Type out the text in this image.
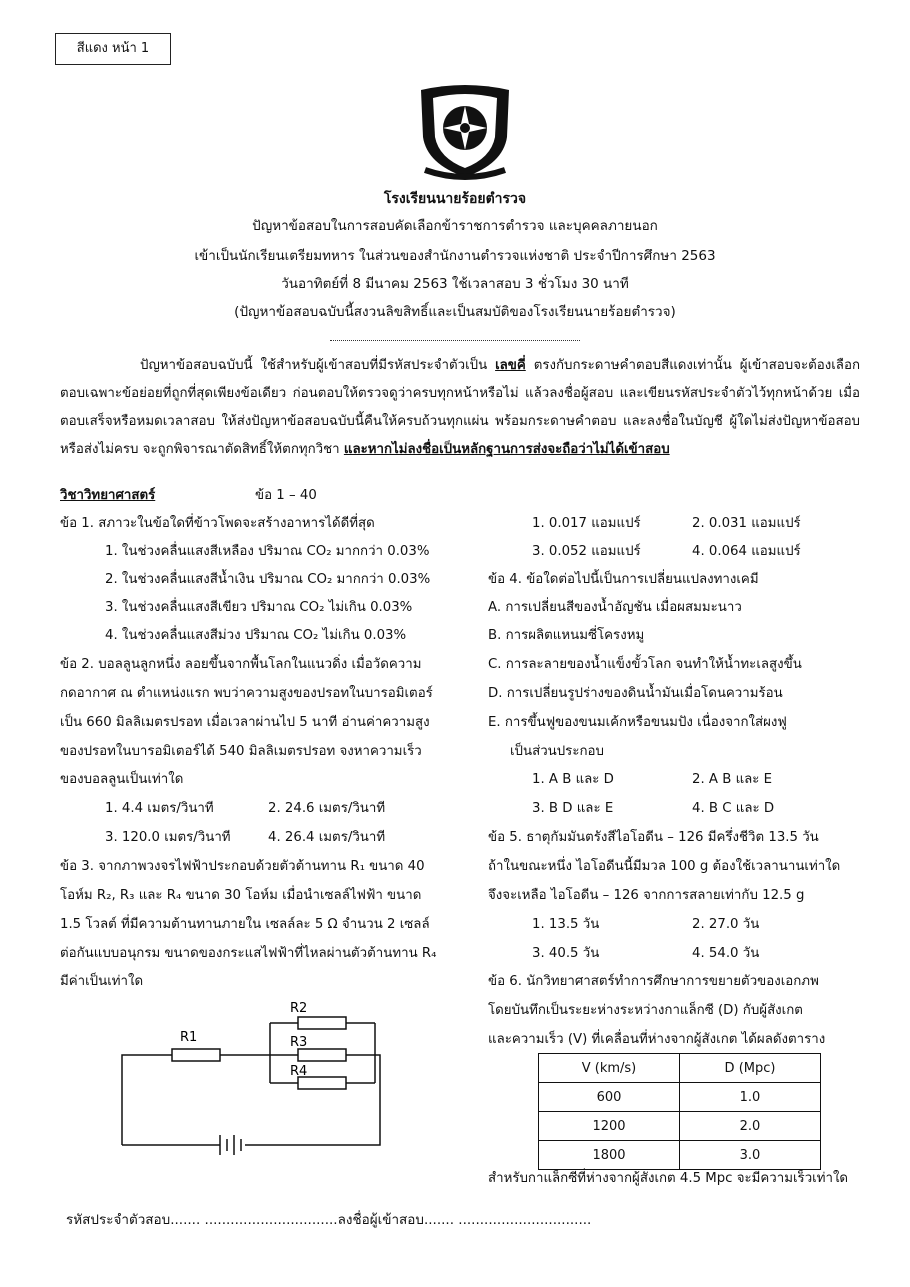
สีแดง หน้า 1
โรงเรียนนายร้อยตำรวจ
ปัญหาข้อสอบในการสอบคัดเลือกข้าราชการตำรวจ และบุคคลภายนอก
เข้าเป็นนักเรียนเตรียมทหาร ในส่วนของสำนักงานตำรวจแห่งชาติ ประจำปีการศึกษา 2563
วันอาทิตย์ที่ 8 มีนาคม 2563 ใช้เวลาสอบ 3 ชั่วโมง 30 นาที
(ปัญหาข้อสอบฉบับนี้สงวนลิขสิทธิ์และเป็นสมบัติของโรงเรียนนายร้อยตำรวจ)
ปัญหาข้อสอบฉบับนี้ ใช้สำหรับผู้เข้าสอบที่มีรหัสประจำตัวเป็น เลขคี่ ตรงกับกระดาษคำตอบสีแดงเท่านั้น ผู้เข้าสอบจะต้องเลือกตอบเฉพาะข้อย่อยที่ถูกที่สุดเพียงข้อเดียว ก่อนตอบให้ตรวจดูว่าครบทุกหน้าหรือไม่ แล้วลงชื่อผู้สอบ และเขียนรหัสประจำตัวไว้ทุกหน้าด้วย เมื่อตอบเสร็จหรือหมดเวลาสอบ ให้ส่งปัญหาข้อสอบฉบับนี้คืนให้ครบถ้วนทุกแผ่น พร้อมกระดาษคำตอบ และลงชื่อในบัญชี ผู้ใดไม่ส่งปัญหาข้อสอบหรือส่งไม่ครบ จะถูกพิจารณาตัดสิทธิ์ให้ตกทุกวิชา และหากไม่ลงชื่อเป็นหลักฐานการส่งจะถือว่าไม่ได้เข้าสอบ
วิชาวิทยาศาสตร์	ข้อ 1 – 40
ข้อ 1. สภาวะในข้อใดที่ข้าวโพดจะสร้างอาหารได้ดีที่สุด
1. ในช่วงคลื่นแสงสีเหลือง ปริมาณ CO₂ มากกว่า 0.03%
2. ในช่วงคลื่นแสงสีน้ำเงิน ปริมาณ CO₂ มากกว่า 0.03%
3. ในช่วงคลื่นแสงสีเขียว ปริมาณ CO₂ ไม่เกิน 0.03%
4. ในช่วงคลื่นแสงสีม่วง ปริมาณ CO₂ ไม่เกิน 0.03%
ข้อ 2. บอลลูนลูกหนึ่ง ลอยขึ้นจากพื้นโลกในแนวดิ่ง เมื่อวัดความ
กดอากาศ ณ ตำแหน่งแรก พบว่าความสูงของปรอทในบารอมิเตอร์
เป็น 660 มิลลิเมตรปรอท เมื่อเวลาผ่านไป 5 นาที อ่านค่าความสูง
ของปรอทในบารอมิเตอร์ได้ 540 มิลลิเมตรปรอท จงหาความเร็ว
ของบอลลูนเป็นเท่าใด
1. 4.4 เมตร/วินาที	2. 24.6 เมตร/วินาที
3. 120.0 เมตร/วินาที	4. 26.4 เมตร/วินาที
ข้อ 3. จากภาพวงจรไฟฟ้าประกอบด้วยตัวต้านทาน R₁ ขนาด 40
โอห์ม R₂, R₃ และ R₄ ขนาด 30 โอห์ม เมื่อนำเซลล์ไฟฟ้า ขนาด
1.5 โวลต์ ที่มีความต้านทานภายใน เซลล์ละ 5 Ω จำนวน 2 เซลล์
ต่อกันแบบอนุกรม ขนาดของกระแสไฟฟ้าที่ไหลผ่านตัวต้านทาน R₄
มีค่าเป็นเท่าใด
R1
R2
R3
R4
1. 0.017 แอมแปร์	2. 0.031 แอมแปร์
3. 0.052 แอมแปร์	4. 0.064 แอมแปร์
ข้อ 4. ข้อใดต่อไปนี้เป็นการเปลี่ยนแปลงทางเคมี
A. การเปลี่ยนสีของน้ำอัญชัน เมื่อผสมมะนาว
B. การผลิตแหนมซี่โครงหมู
C. การละลายของน้ำแข็งขั้วโลก จนทำให้น้ำทะเลสูงขึ้น
D. การเปลี่ยนรูปร่างของดินน้ำมันเมื่อโดนความร้อน
E. การขึ้นฟูของขนมเค้กหรือขนมปัง เนื่องจากใส่ผงฟู
เป็นส่วนประกอบ
1. A B และ D	2. A B และ E
3. B D และ E	4. B C และ D
ข้อ 5. ธาตุกัมมันตรังสีไอโอดีน – 126 มีครึ่งชีวิต 13.5 วัน
ถ้าในขณะหนึ่ง ไอโอดีนนี้มีมวล 100 g ต้องใช้เวลานานเท่าใด
จึงจะเหลือ ไอโอดีน – 126 จากการสลายเท่ากับ 12.5 g
1. 13.5 วัน	2. 27.0 วัน
3. 40.5 วัน	4. 54.0 วัน
ข้อ 6. นักวิทยาศาสตร์ทำการศึกษาการขยายตัวของเอกภพ
โดยบันทึกเป็นระยะห่างระหว่างกาแล็กซี (D) กับผู้สังเกต
และความเร็ว (V) ที่เคลื่อนที่ห่างจากผู้สังเกต ได้ผลดังตาราง
V (km/s)	D (Mpc)
600	1.0
1200	2.0
1800	3.0
สำหรับกาแล็กซีที่ห่างจากผู้สังเกต 4.5 Mpc จะมีความเร็วเท่าใด
รหัสประจำตัวสอบ....... ...............................ลงชื่อผู้เข้าสอบ....... ...............................
